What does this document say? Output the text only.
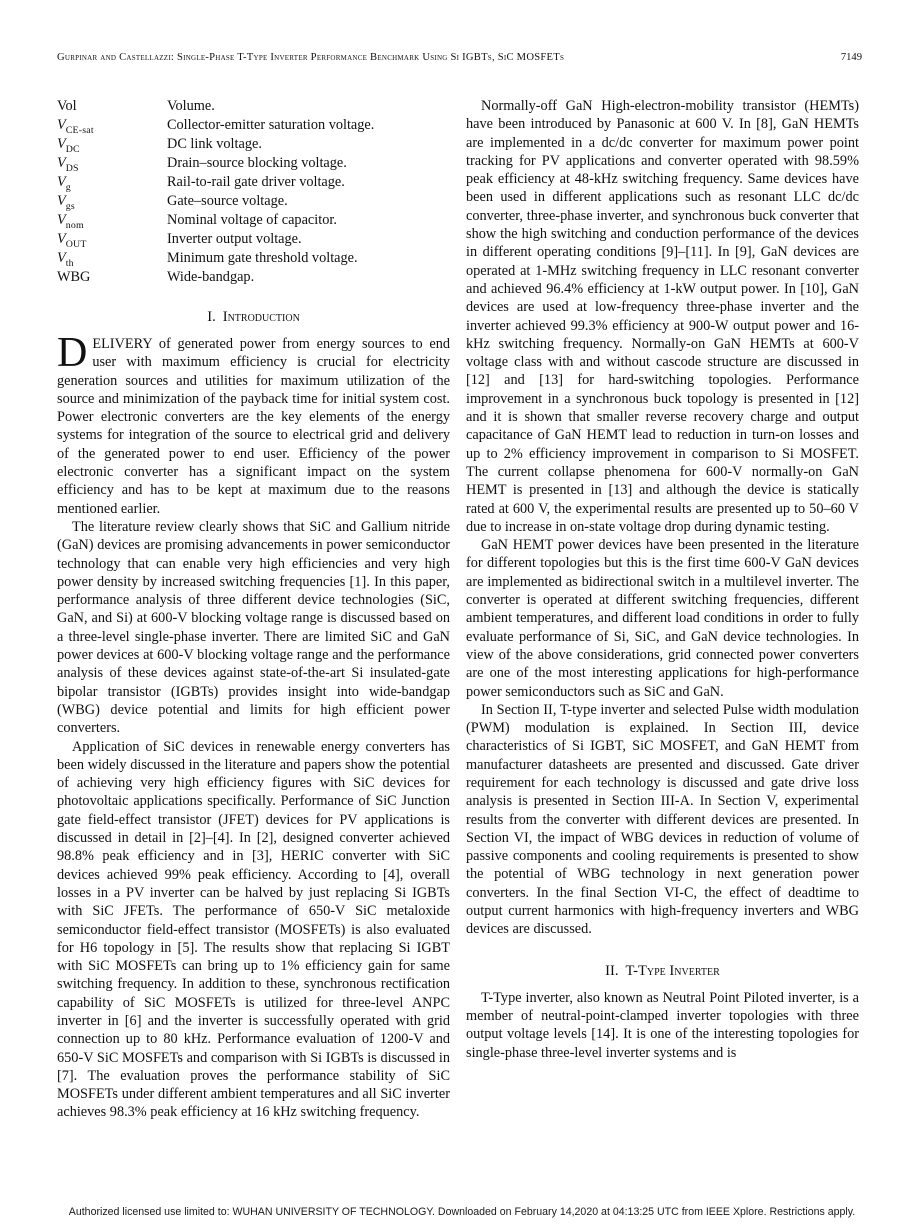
Gurpinar and Castellazzi: Single-Phase T-Type Inverter Performance Benchmark Using Si IGBTs, SiC MOSFETs	7149
Vol	Volume.
$V_{CE-sat}$	Collector-emitter saturation voltage.
$V_{DC}$	DC link voltage.
$V_{DS}$	Drain–source blocking voltage.
$V_g$	Rail-to-rail gate driver voltage.
$V_{gs}$	Gate–source voltage.
$V_{nom}$	Nominal voltage of capacitor.
$V_{OUT}$	Inverter output voltage.
$V_{th}$	Minimum gate threshold voltage.
WBG	Wide-bandgap.
I. Introduction

DELIVERY of generated power from energy sources to end user with maximum efficiency is crucial for electricity generation sources and utilities for maximum utilization of the source and minimization of the payback time for initial system cost. Power electronic converters are the key elements of the energy systems for integration of the source to electrical grid and delivery of the generated power to end user. Efficiency of the power electronic converter has a significant impact on the system efficiency and has to be kept at maximum due to the reasons mentioned earlier.

The literature review clearly shows that SiC and Gallium nitride (GaN) devices are promising advancements in power semiconductor technology that can enable very high efficiencies and very high power density by increased switching frequencies [1]. In this paper, performance analysis of three different device technologies (SiC, GaN, and Si) at 600-V blocking voltage range is discussed based on a three-level single-phase inverter. There are limited SiC and GaN power devices at 600-V blocking voltage range and the performance analysis of these devices against state-of-the-art Si insulated-gate bipolar transistor (IGBTs) provides insight into wide-bandgap (WBG) device potential and limits for high efficient power converters.

Application of SiC devices in renewable energy converters has been widely discussed in the literature and papers show the potential of achieving very high efficiency figures with SiC devices for photovoltaic applications specifically. Performance of SiC Junction gate field-effect transistor (JFET) devices for PV applications is discussed in detail in [2]–[4]. In [2], designed converter achieved 98.8% peak efficiency and in [3], HERIC converter with SiC devices achieved 99% peak efficiency. According to [4], overall losses in a PV inverter can be halved by just replacing Si IGBTs with SiC JFETs. The performance of 650-V SiC metaloxide semiconductor field-effect transistor (MOSFETs) is also evaluated for H6 topology in [5]. The results show that replacing Si IGBT with SiC MOSFETs can bring up to 1% efficiency gain for same switching frequency. In addition to these, synchronous rectification capability of SiC MOSFETs is utilized for three-level ANPC inverter in [6] and the inverter is successfully operated with grid connection up to 80 kHz. Performance evaluation of 1200-V and 650-V SiC MOSFETs and comparison with Si IGBTs is discussed in [7]. The evaluation proves the performance stability of SiC MOSFETs under different ambient temperatures and all SiC inverter achieves 98.3% peak efficiency at 16 kHz switching frequency.

Normally-off GaN High-electron-mobility transistor (HEMTs) have been introduced by Panasonic at 600 V. In [8], GaN HEMTs are implemented in a dc/dc converter for maximum power point tracking for PV applications and converter operated with 98.59% peak efficiency at 48-kHz switching frequency. Same devices have been used in different applications such as resonant LLC dc/dc converter, three-phase inverter, and synchronous buck converter that show the high switching and conduction performance of the devices in different operating conditions [9]–[11]. In [9], GaN devices are operated at 1-MHz switching frequency in LLC resonant converter and achieved 96.4% efficiency at 1-kW output power. In [10], GaN devices are used at low-frequency three-phase inverter and the inverter achieved 99.3% efficiency at 900-W output power and 16-kHz switching frequency. Normally-on GaN HEMTs at 600-V voltage class with and without cascode structure are discussed in [12] and [13] for hard-switching topologies. Performance improvement in a synchronous buck topology is presented in [12] and it is shown that smaller reverse recovery charge and output capacitance of GaN HEMT lead to reduction in turn-on losses and up to 2% efficiency improvement in comparison to Si MOSFET. The current collapse phenomena for 600-V normally-on GaN HEMT is presented in [13] and although the device is statically rated at 600 V, the experimental results are presented up to 50–60 V due to increase in on-state voltage drop during dynamic testing.

GaN HEMT power devices have been presented in the literature for different topologies but this is the first time 600-V GaN devices are implemented as bidirectional switch in a multilevel inverter. The converter is operated at different switching frequencies, different ambient temperatures, and different load conditions in order to fully evaluate performance of Si, SiC, and GaN device technologies. In view of the above considerations, grid connected power converters are one of the most interesting applications for high-performance power semiconductors such as SiC and GaN.

In Section II, T-type inverter and selected Pulse width modulation (PWM) modulation is explained. In Section III, device characteristics of Si IGBT, SiC MOSFET, and GaN HEMT from manufacturer datasheets are presented and discussed. Gate driver requirement for each technology is discussed and gate drive loss analysis is presented in Section III-A. In Section V, experimental results from the converter with different devices are presented. In Section VI, the impact of WBG devices in reduction of volume of passive components and cooling requirements is presented to show the potential of WBG technology in next generation power converters. In the final Section VI-C, the effect of deadtime to output current harmonics with high-frequency inverters and WBG devices are discussed.

II. T-Type Inverter

T-Type inverter, also known as Neutral Point Piloted inverter, is a member of neutral-point-clamped inverter topologies with three output voltage levels [14]. It is one of the interesting topologies for single-phase three-level inverter systems and is

Authorized licensed use limited to: WUHAN UNIVERSITY OF TECHNOLOGY. Downloaded on February 14,2020 at 04:13:25 UTC from IEEE Xplore. Restrictions apply.
